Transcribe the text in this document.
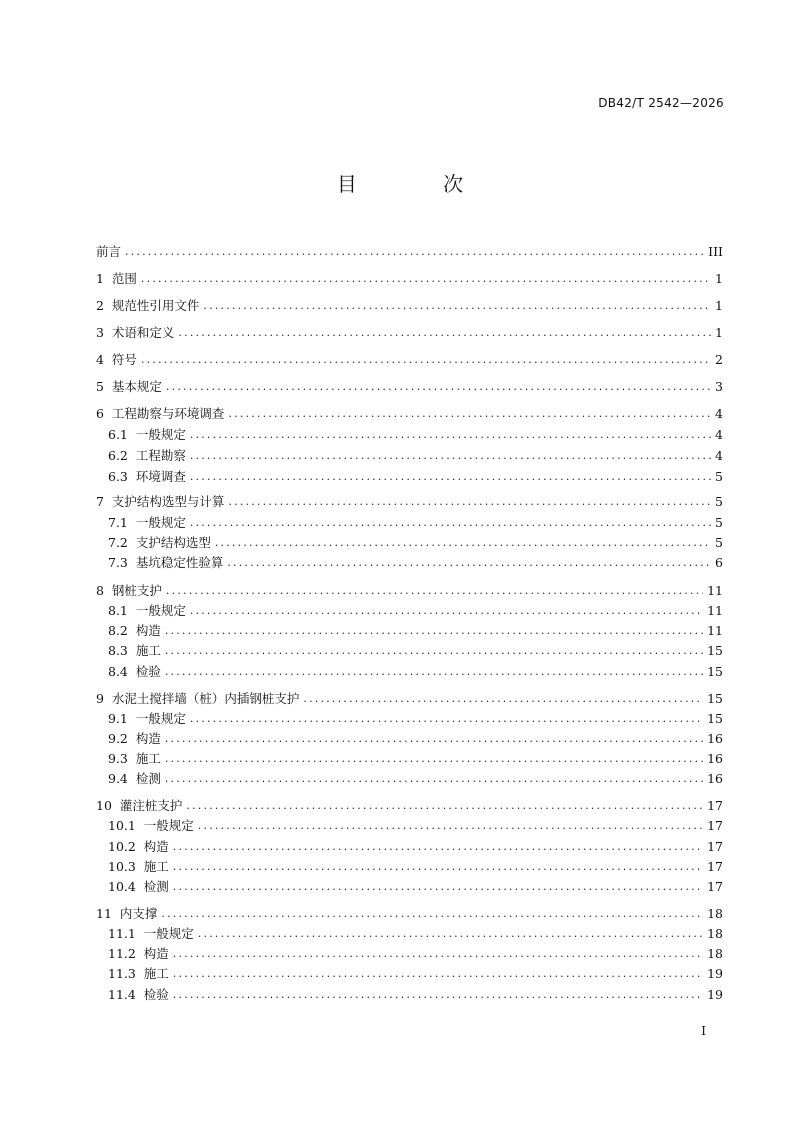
DB42/T 2542—2026
目 次
前言 .....	III
1 范围 .....	1
2 规范性引用文件 .....	1
3 术语和定义 .....	1
4 符号 .....	2
5 基本规定 .....	3
6 工程勘察与环境调查 .....	4
6.1 一般规定 .....	4
6.2 工程勘察 .....	4
6.3 环境调查 .....	5
7 支护结构选型与计算 .....	5
7.1 一般规定 .....	5
7.2 支护结构选型 .....	5
7.3 基坑稳定性验算 .....	6
8 钢桩支护 .....	11
8.1 一般规定 .....	11
8.2 构造 .....	11
8.3 施工 .....	15
8.4 检验 .....	15
9 水泥土搅拌墙（桩）内插钢桩支护 .....	15
9.1 一般规定 .....	15
9.2 构造 .....	16
9.3 施工 .....	16
9.4 检测 .....	16
10 灌注桩支护 .....	17
10.1 一般规定 .....	17
10.2 构造 .....	17
10.3 施工 .....	17
10.4 检测 .....	17
11 内支撑 .....	18
11.1 一般规定 .....	18
11.2 构造 .....	18
11.3 施工 .....	19
11.4 检验 .....	19
I
